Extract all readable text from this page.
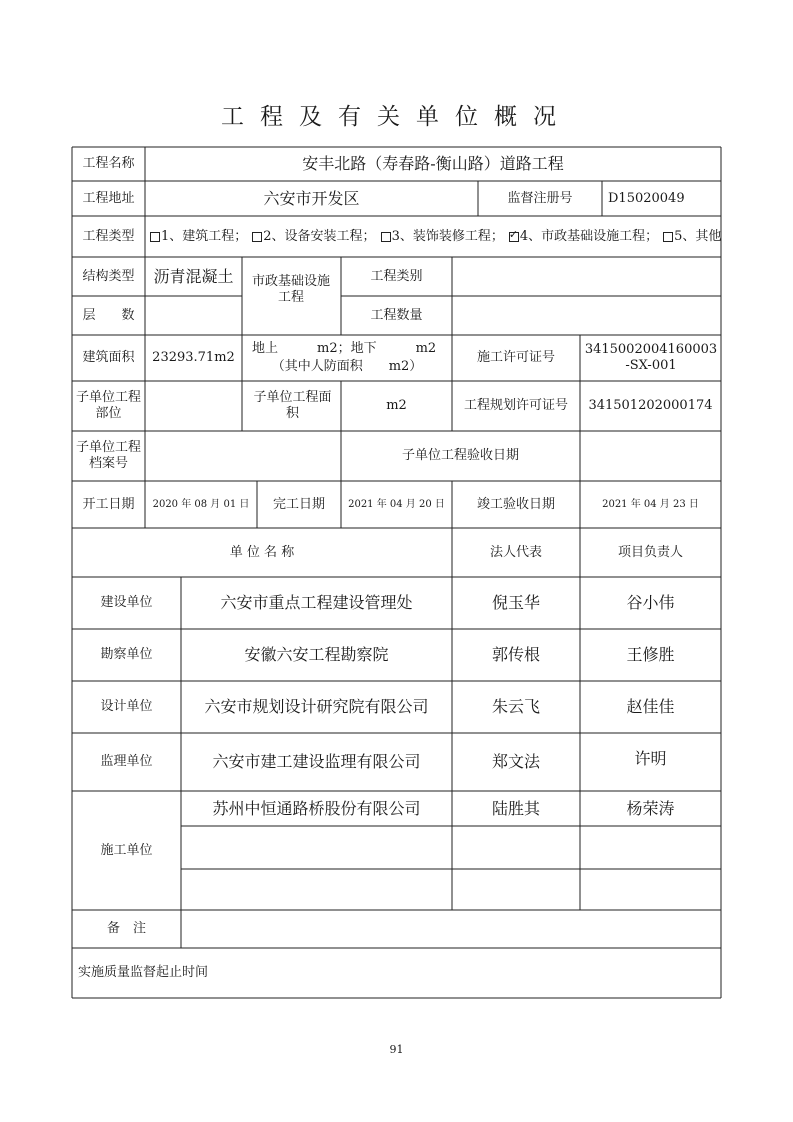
工程及有关单位概况
工程名称	安丰北路（寿春路-衡山路）道路工程
工程地址	六安市开发区	监督注册号	D15020049
工程类型	1、建筑工程； 2、设备安装工程； 3、装饰装修工程；
✓ 4、市政基础设施工程； 5、其他
结构类型	沥青混凝土	市政基础设施工程
工程类别
层　　数	工程数量
建筑面积	23293.71m2
地上　　　m2；地下　　　m2
（其中人防面积　　m2）
施工许可证号
3415002004160003-SX-001
子单位工程部位
子单位工程面积
m2	工程规划许可证号	341501202000174
子单位工程档案号
子单位工程验收日期
开工日期	2020 年 08 月 01 日	完工日期	2021 年 04 月 20 日	竣工验收日期	2021 年 04 月 23 日
单 位 名 称	法人代表	项目负责人
建设单位	六安市重点工程建设管理处	倪玉华	谷小伟
勘察单位	安徽六安工程勘察院	郭传根	王修胜
设计单位	六安市规划设计研究院有限公司	朱云飞	赵佳佳
监理单位	六安市建工建设监理有限公司	郑文法	许明
施工单位
苏州中恒通路桥股份有限公司	陆胜其	杨荣涛
备　注
实施质量监督起止时间
91
